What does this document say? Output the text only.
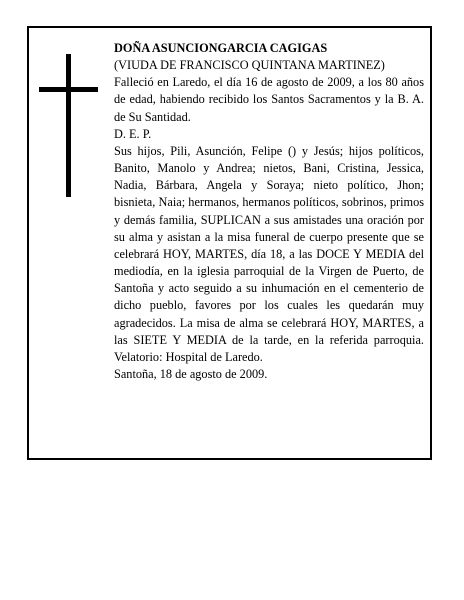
DOÑA ASUNCIONGARCIA CAGIGAS

(VIUDA DE FRANCISCO QUINTANA MARTINEZ)

Falleció en Laredo, el día 16 de agosto de 2009, a los 80 años de edad, habiendo recibido los Santos Sacramentos y la B. A. de Su Santidad.

D. E. P.

Sus hijos, Pili, Asunción, Felipe () y Jesús; hijos políticos, Banito, Manolo y Andrea; nietos, Bani, Cristina, Jessica, Nadia, Bárbara, Angela y Soraya; nieto político, Jhon; bisnieta, Naia; hermanos, hermanos políticos, sobrinos, primos y demás familia, SUPLICAN a sus amistades una oración por su alma y asistan a la misa funeral de cuerpo presente que se celebrará HOY, MARTES, día 18, a las DOCE Y MEDIA del mediodía, en la iglesia parroquial de la Virgen de Puerto, de Santoña y acto seguido a su inhumación en el cementerio de dicho pueblo, favores por los cuales les quedarán muy agradecidos. La misa de alma se celebrará HOY, MARTES, a las SIETE Y MEDIA de la tarde, en la referida parroquia. Velatorio: Hospital de Laredo.

Santoña, 18 de agosto de 2009.
